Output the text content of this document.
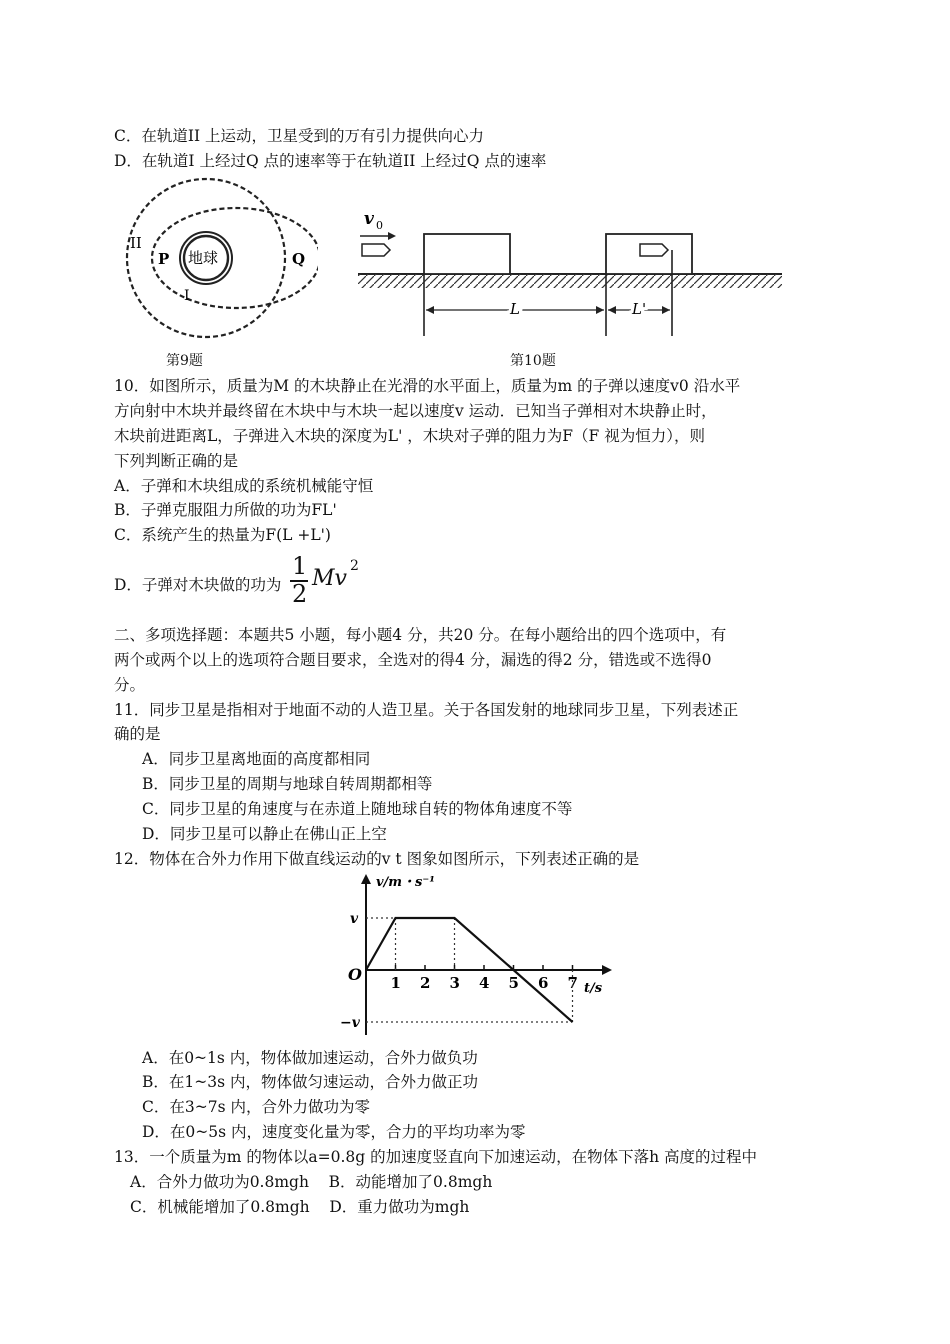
C．在轨道II 上运动，卫星受到的万有引力提供向心力
D．在轨道I 上经过Q 点的速率等于在轨道II 上经过Q 点的速率
II
P 地球	Q
I
第9题
v 0
L	L'
第10题
10．如图所示，质量为M 的木块静止在光滑的水平面上，质量为m 的子弹以速度v0 沿水平
方向射中木块并最终留在木块中与木块一起以速度v 运动．已知当子弹相对木块静止时，
木块前进距离L，子弹进入木块的深度为L' ，木块对子弹的阻力为F（F 视为恒力），则
下列判断正确的是
A．子弹和木块组成的系统机械能守恒
B．子弹克服阻力所做的功为FL'
C．系统产生的热量为F(L +L')
D．子弹对木块做的功为
1
2
Mv 2
二、多项选择题：本题共5 小题，每小题4 分，共20 分。在每小题给出的四个选项中，有
两个或两个以上的选项符合题目要求，全选对的得4 分，漏选的得2 分，错选或不选得0
分。
11．同步卫星是指相对于地面不动的人造卫星。关于各国发射的地球同步卫星，下列表述正
确的是
A．同步卫星离地面的高度都相同
B．同步卫星的周期与地球自转周期都相等
C．同步卫星的角速度与在赤道上随地球自转的物体角速度不等
D．同步卫星可以静止在佛山正上空
12．物体在合外力作用下做直线运动的v t 图象如图所示，下列表述正确的是
v/m・s⁻¹
t/s
O
v
−v
1 2 3 4 5 6 7
A．在0~1s 内，物体做加速运动，合外力做负功
B．在1~3s 内，物体做匀速运动，合外力做正功
C．在3~7s 内，合外力做功为零
D．在0~5s 内，速度变化量为零，合力的平均功率为零
13．一个质量为m 的物体以a=0.8g 的加速度竖直向下加速运动，在物体下落h 高度的过程中
A．合外力做功为0.8mgh    B．动能增加了0.8mgh
C．机械能增加了0.8mgh    D．重力做功为mgh
